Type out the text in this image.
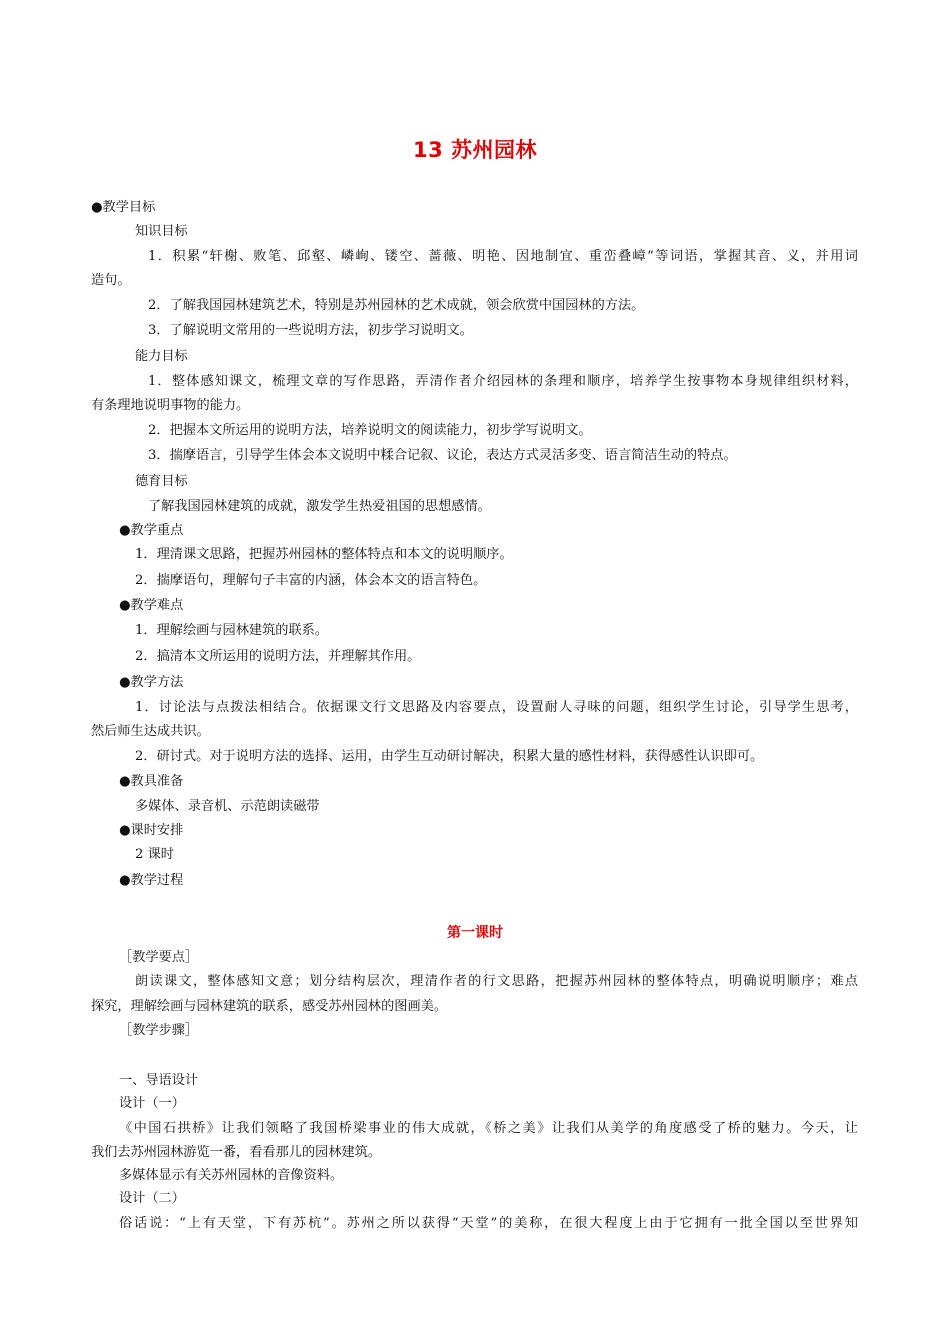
13 苏州园林
●教学目标
知识目标
1．积累“轩榭、败笔、邱壑、嶙峋、镂空、蔷薇、明艳、因地制宜、重峦叠嶂”等词语，掌握其音、义，并用词
造句。
2．了解我国园林建筑艺术，特别是苏州园林的艺术成就，领会欣赏中国园林的方法。
3．了解说明文常用的一些说明方法，初步学习说明文。
能力目标
1．整体感知课文，梳理文章的写作思路，弄清作者介绍园林的条理和顺序，培养学生按事物本身规律组织材料，
有条理地说明事物的能力。
2．把握本文所运用的说明方法，培养说明文的阅读能力，初步学写说明文。
3．揣摩语言，引导学生体会本文说明中糅合记叙、议论，表达方式灵活多变、语言简洁生动的特点。
德育目标
了解我国园林建筑的成就，激发学生热爱祖国的思想感情。
●教学重点
1．理清课文思路，把握苏州园林的整体特点和本文的说明顺序。
2．揣摩语句，理解句子丰富的内涵，体会本文的语言特色。
●教学难点
1．理解绘画与园林建筑的联系。
2．搞清本文所运用的说明方法，并理解其作用。
●教学方法
1．讨论法与点拨法相结合。依据课文行文思路及内容要点，设置耐人寻味的问题，组织学生讨论，引导学生思考，
然后师生达成共识。
2．研讨式。对于说明方法的选择、运用，由学生互动研讨解决，积累大量的感性材料，获得感性认识即可。
●教具准备
多媒体、录音机、示范朗读磁带
●课时安排
2 课时
●教学过程
第一课时
［教学要点］
朗读课文，整体感知文意；划分结构层次，理清作者的行文思路，把握苏州园林的整体特点，明确说明顺序；难点
探究，理解绘画与园林建筑的联系，感受苏州园林的图画美。
［教学步骤］
一、导语设计
设计（一）
《中国石拱桥》让我们领略了我国桥梁事业的伟大成就，《桥之美》让我们从美学的角度感受了桥的魅力。今天，让
我们去苏州园林游览一番，看看那儿的园林建筑。
多媒体显示有关苏州园林的音像资料。
设计（二）
俗话说：“上有天堂，下有苏杭”。苏州之所以获得“天堂”的美称，在很大程度上由于它拥有一批全国以至世界知
